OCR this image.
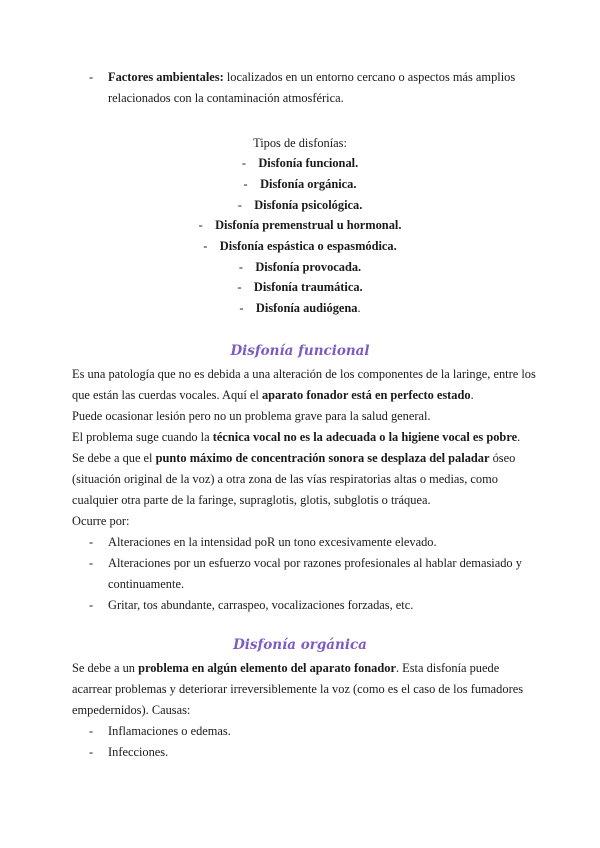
- Factores ambientales: localizados en un entorno cercano o aspectos más amplios
relacionados con la contaminación atmosférica.
Tipos de disfonías:
- Disfonía funcional.
- Disfonía orgánica.
- Disfonía psicológica.
- Disfonía premenstrual u hormonal.
- Disfonía espástica o espasmódica.
- Disfonía provocada.
- Disfonía traumática.
- Disfonía audiógena.
Disfonía funcional
Es una patología que no es debida a una alteración de los componentes de la laringe, entre los
que están las cuerdas vocales. Aquí el aparato fonador está en perfecto estado.
Puede ocasionar lesión pero no un problema grave para la salud general.
El problema suge cuando la técnica vocal no es la adecuada o la higiene vocal es pobre.
Se debe a que el punto máximo de concentración sonora se desplaza del paladar óseo
(situación original de la voz) a otra zona de las vías respiratorias altas o medias, como
cualquier otra parte de la faringe, supraglotis, glotis, subglotis o tráquea.
Ocurre por:
- Alteraciones en la intensidad poR un tono excesivamente elevado.
- Alteraciones por un esfuerzo vocal por razones profesionales al hablar demasiado y
continuamente.
- Gritar, tos abundante, carraspeo, vocalizaciones forzadas, etc.
Disfonía orgánica
Se debe a un problema en algún elemento del aparato fonador. Esta disfonía puede
acarrear problemas y deteriorar irreversiblemente la voz (como es el caso de los fumadores
empedernidos). Causas:
- Inflamaciones o edemas.
- Infecciones.
